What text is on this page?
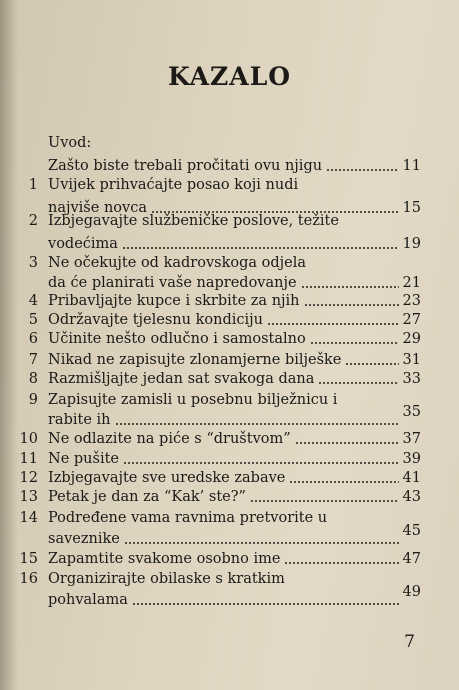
KAZALO
Uvod:
Zašto biste trebali pročitati ovu njigu	11
1 Uvijek prihvaćajte posao koji nudi
najviše novca	15
2 Izbjegavajte službeničke poslove, težite
vodećima	19
3 Ne očekujte od kadrovskoga odjela
da će planirati vaše napredovanje	21
4 Pribavljajte kupce i skrbite za njih	23
5 Održavajte tjelesnu kondiciju	27
6 Učinite nešto odlučno i samostalno	29
7 Nikad ne zapisujte zlonamjerne bilješke	31
8 Razmišljajte jedan sat svakoga dana	33
9 Zapisujte zamisli u posebnu bilježnicu i
rabite ih	35
10 Ne odlazite na piće s “društvom”	37
11 Ne pušite	39
12 Izbjegavajte sve uredske zabave	41
13 Petak je dan za “Kak’ ste?”	43
14 Podređene vama ravnima pretvorite u
saveznike	45
15 Zapamtite svakome osobno ime	47
16 Organizirajte obilaske s kratkim
pohvalama	49
7
